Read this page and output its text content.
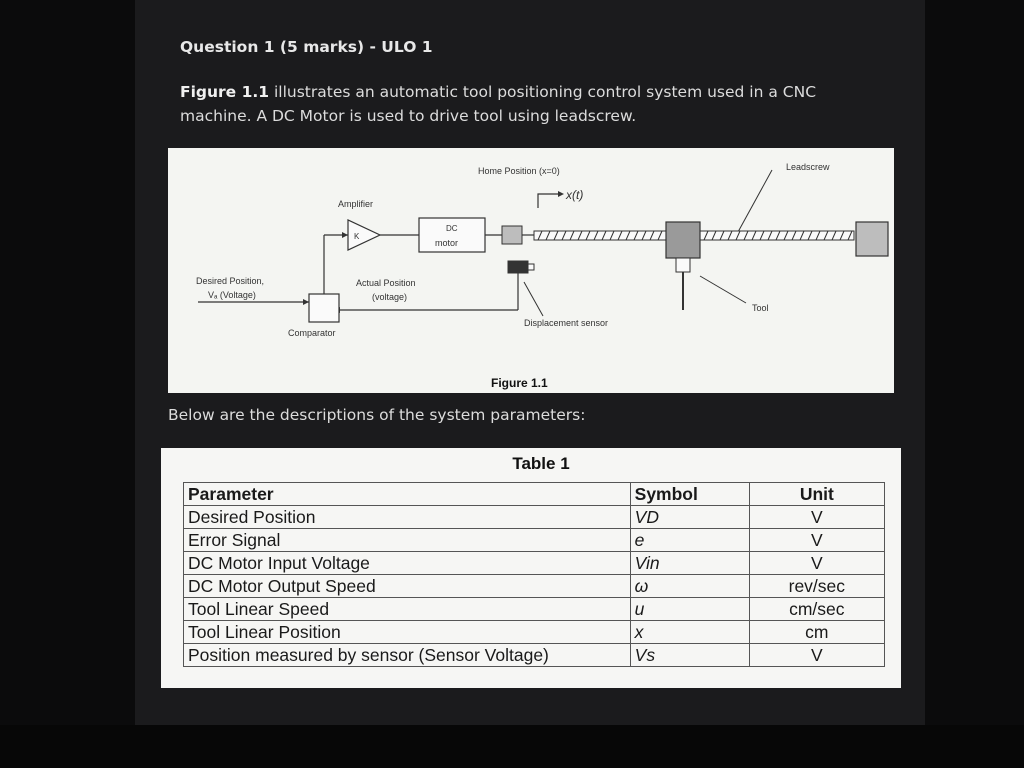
Question 1 (5 marks) - ULO 1
Figure 1.1 illustrates an automatic tool positioning control system used in a CNC
machine. A DC Motor is used to drive tool using leadscrew.
Home Position (x=0)
x(t)
Leadscrew
Amplifier
K
DC
motor
Tool
Displacement sensor
Comparator
Desired Position,
Vₐ (Voltage)
Actual Position
(voltage)
Figure 1.1
Below are the descriptions of the system parameters:
Table 1
Parameter	Symbol	Unit
Desired Position	VD	V
Error Signal	e	V
DC Motor Input Voltage	Vin	V
DC Motor Output Speed	ω	rev/sec
Tool Linear Speed	u	cm/sec
Tool Linear Position	x	cm
Position measured by sensor (Sensor Voltage)	Vs	V
